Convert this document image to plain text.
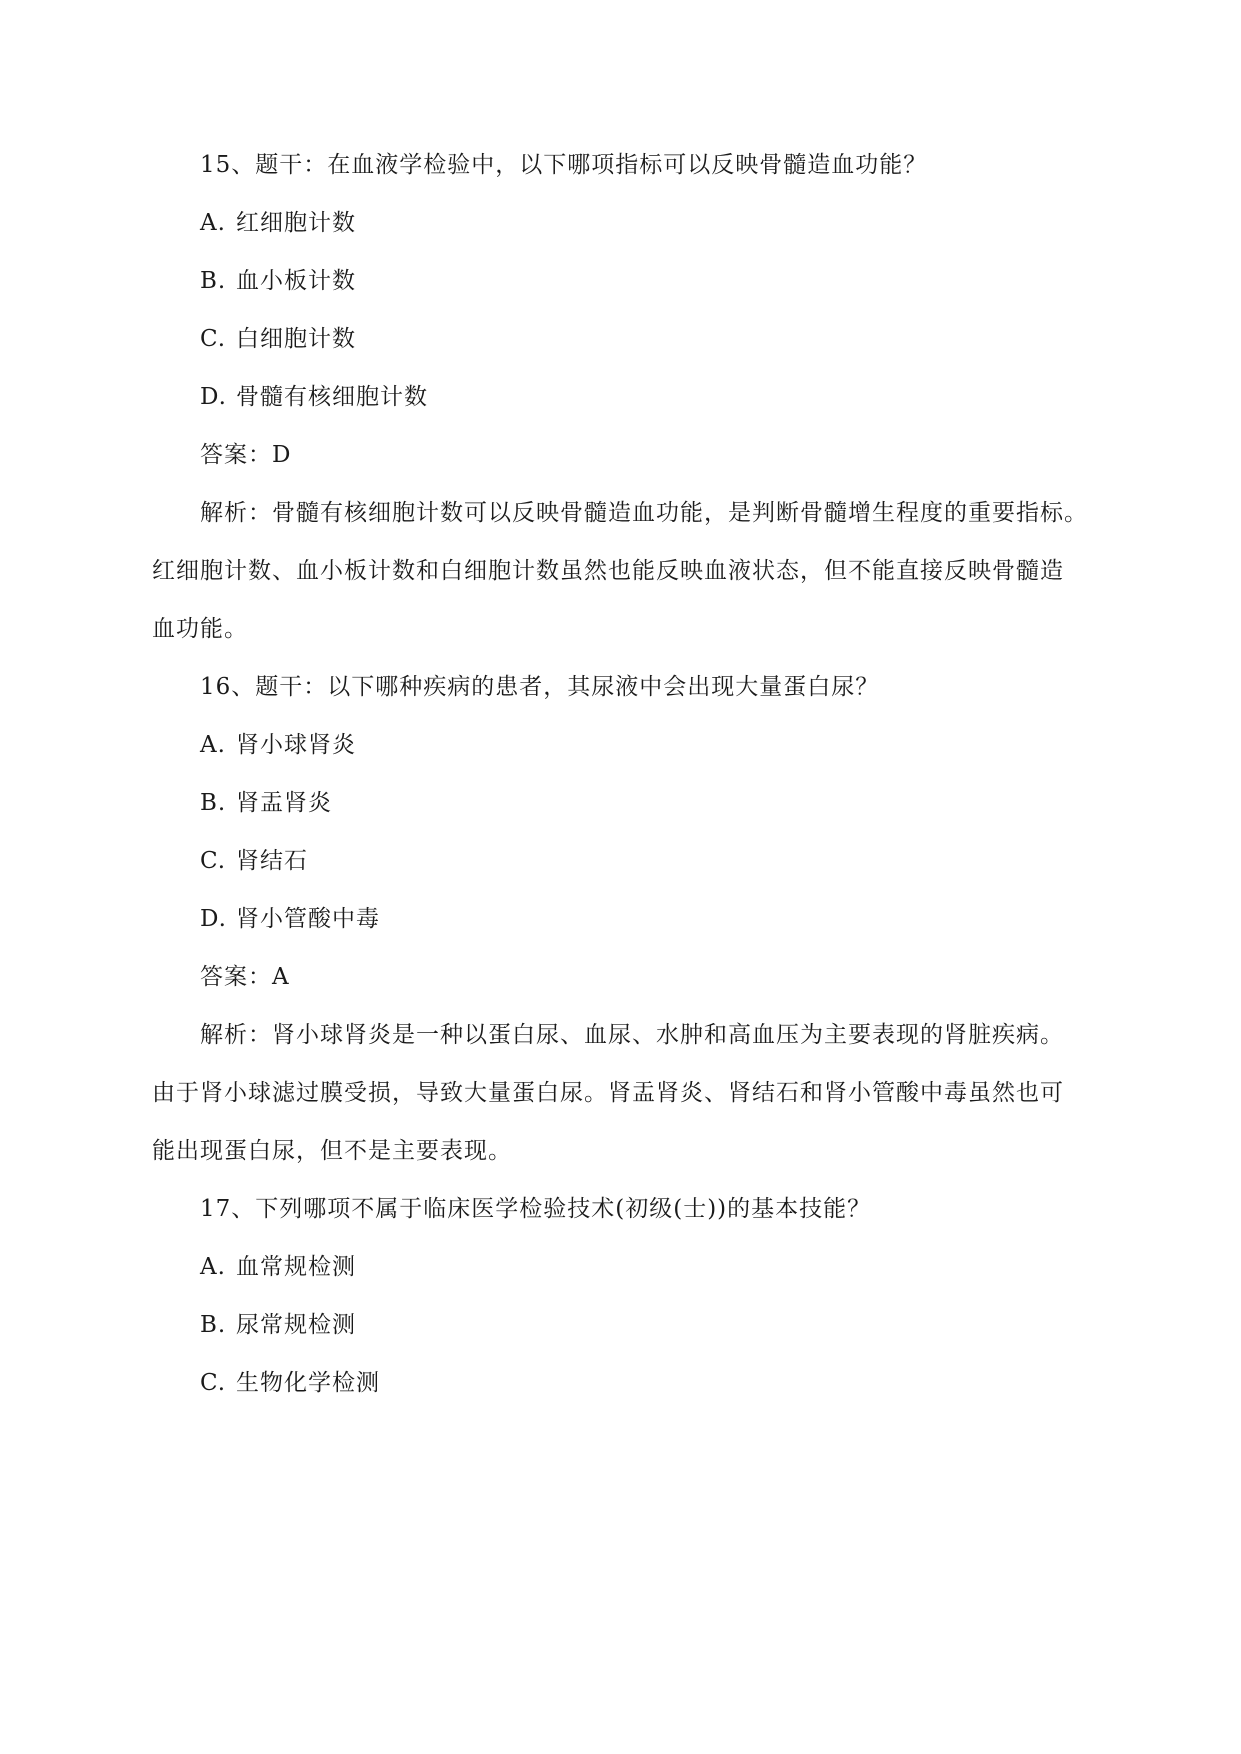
15、题干：在血液学检验中，以下哪项指标可以反映骨髓造血功能？
A. 红细胞计数
B. 血小板计数
C. 白细胞计数
D. 骨髓有核细胞计数
答案：D
解析：骨髓有核细胞计数可以反映骨髓造血功能，是判断骨髓增生程度的重要指标。
红细胞计数、血小板计数和白细胞计数虽然也能反映血液状态，但不能直接反映骨髓造
血功能。
16、题干：以下哪种疾病的患者，其尿液中会出现大量蛋白尿？
A. 肾小球肾炎
B. 肾盂肾炎
C. 肾结石
D. 肾小管酸中毒
答案：A
解析：肾小球肾炎是一种以蛋白尿、血尿、水肿和高血压为主要表现的肾脏疾病。
由于肾小球滤过膜受损，导致大量蛋白尿。肾盂肾炎、肾结石和肾小管酸中毒虽然也可
能出现蛋白尿，但不是主要表现。
17、下列哪项不属于临床医学检验技术(初级(士))的基本技能？
A. 血常规检测
B. 尿常规检测
C. 生物化学检测
